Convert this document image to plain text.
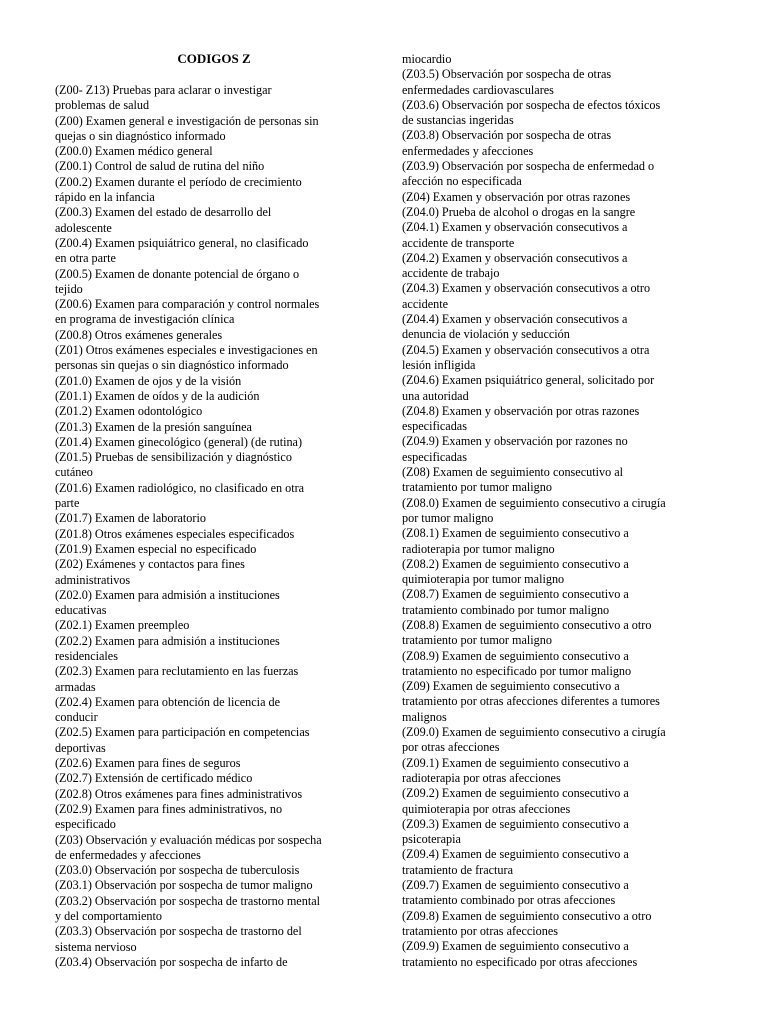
CODIGOS Z
(Z00- Z13) Pruebas para aclarar o investigar
problemas de salud
(Z00) Examen general e investigación de personas sin
quejas o sin diagnóstico informado
(Z00.0) Examen médico general
(Z00.1) Control de salud de rutina del niño
(Z00.2) Examen durante el período de crecimiento
rápido en la infancia
(Z00.3) Examen del estado de desarrollo del
adolescente
(Z00.4) Examen psiquiátrico general, no clasificado
en otra parte
(Z00.5) Examen de donante potencial de órgano o
tejido
(Z00.6) Examen para comparación y control normales
en programa de investigación clínica
(Z00.8) Otros exámenes generales
(Z01) Otros exámenes especiales e investigaciones en
personas sin quejas o sin diagnóstico informado
(Z01.0) Examen de ojos y de la visión
(Z01.1) Examen de oídos y de la audición
(Z01.2) Examen odontológico
(Z01.3) Examen de la presión sanguínea
(Z01.4) Examen ginecológico (general) (de rutina)
(Z01.5) Pruebas de sensibilización y diagnóstico
cutáneo
(Z01.6) Examen radiológico, no clasificado en otra
parte
(Z01.7) Examen de laboratorio
(Z01.8) Otros exámenes especiales especificados
(Z01.9) Examen especial no especificado
(Z02) Exámenes y contactos para fines
administrativos
(Z02.0) Examen para admisión a instituciones
educativas
(Z02.1) Examen preempleo
(Z02.2) Examen para admisión a instituciones
residenciales
(Z02.3) Examen para reclutamiento en las fuerzas
armadas
(Z02.4) Examen para obtención de licencia de
conducir
(Z02.5) Examen para participación en competencias
deportivas
(Z02.6) Examen para fines de seguros
(Z02.7) Extensión de certificado médico
(Z02.8) Otros exámenes para fines administrativos
(Z02.9) Examen para fines administrativos, no
especificado
(Z03) Observación y evaluación médicas por sospecha
de enfermedades y afecciones
(Z03.0) Observación por sospecha de tuberculosis
(Z03.1) Observación por sospecha de tumor maligno
(Z03.2) Observación por sospecha de trastorno mental
y del comportamiento
(Z03.3) Observación por sospecha de trastorno del
sistema nervioso
(Z03.4) Observación por sospecha de infarto de
miocardio
(Z03.5) Observación por sospecha de otras
enfermedades cardiovasculares
(Z03.6) Observación por sospecha de efectos tóxicos
de sustancias ingeridas
(Z03.8) Observación por sospecha de otras
enfermedades y afecciones
(Z03.9) Observación por sospecha de enfermedad o
afección no especificada
(Z04) Examen y observación por otras razones
(Z04.0) Prueba de alcohol o drogas en la sangre
(Z04.1) Examen y observación consecutivos a
accidente de transporte
(Z04.2) Examen y observación consecutivos a
accidente de trabajo
(Z04.3) Examen y observación consecutivos a otro
accidente
(Z04.4) Examen y observación consecutivos a
denuncia de violación y seducción
(Z04.5) Examen y observación consecutivos a otra
lesión infligida
(Z04.6) Examen psiquiátrico general, solicitado por
una autoridad
(Z04.8) Examen y observación por otras razones
especificadas
(Z04.9) Examen y observación por razones no
especificadas
(Z08) Examen de seguimiento consecutivo al
tratamiento por tumor maligno
(Z08.0) Examen de seguimiento consecutivo a cirugía
por tumor maligno
(Z08.1) Examen de seguimiento consecutivo a
radioterapia por tumor maligno
(Z08.2) Examen de seguimiento consecutivo a
quimioterapia por tumor maligno
(Z08.7) Examen de seguimiento consecutivo a
tratamiento combinado por tumor maligno
(Z08.8) Examen de seguimiento consecutivo a otro
tratamiento por tumor maligno
(Z08.9) Examen de seguimiento consecutivo a
tratamiento no especificado por tumor maligno
(Z09) Examen de seguimiento consecutivo a
tratamiento por otras afecciones diferentes a tumores
malignos
(Z09.0) Examen de seguimiento consecutivo a cirugía
por otras afecciones
(Z09.1) Examen de seguimiento consecutivo a
radioterapia por otras afecciones
(Z09.2) Examen de seguimiento consecutivo a
quimioterapia por otras afecciones
(Z09.3) Examen de seguimiento consecutivo a
psicoterapia
(Z09.4) Examen de seguimiento consecutivo a
tratamiento de fractura
(Z09.7) Examen de seguimiento consecutivo a
tratamiento combinado por otras afecciones
(Z09.8) Examen de seguimiento consecutivo a otro
tratamiento por otras afecciones
(Z09.9) Examen de seguimiento consecutivo a
tratamiento no especificado por otras afecciones
